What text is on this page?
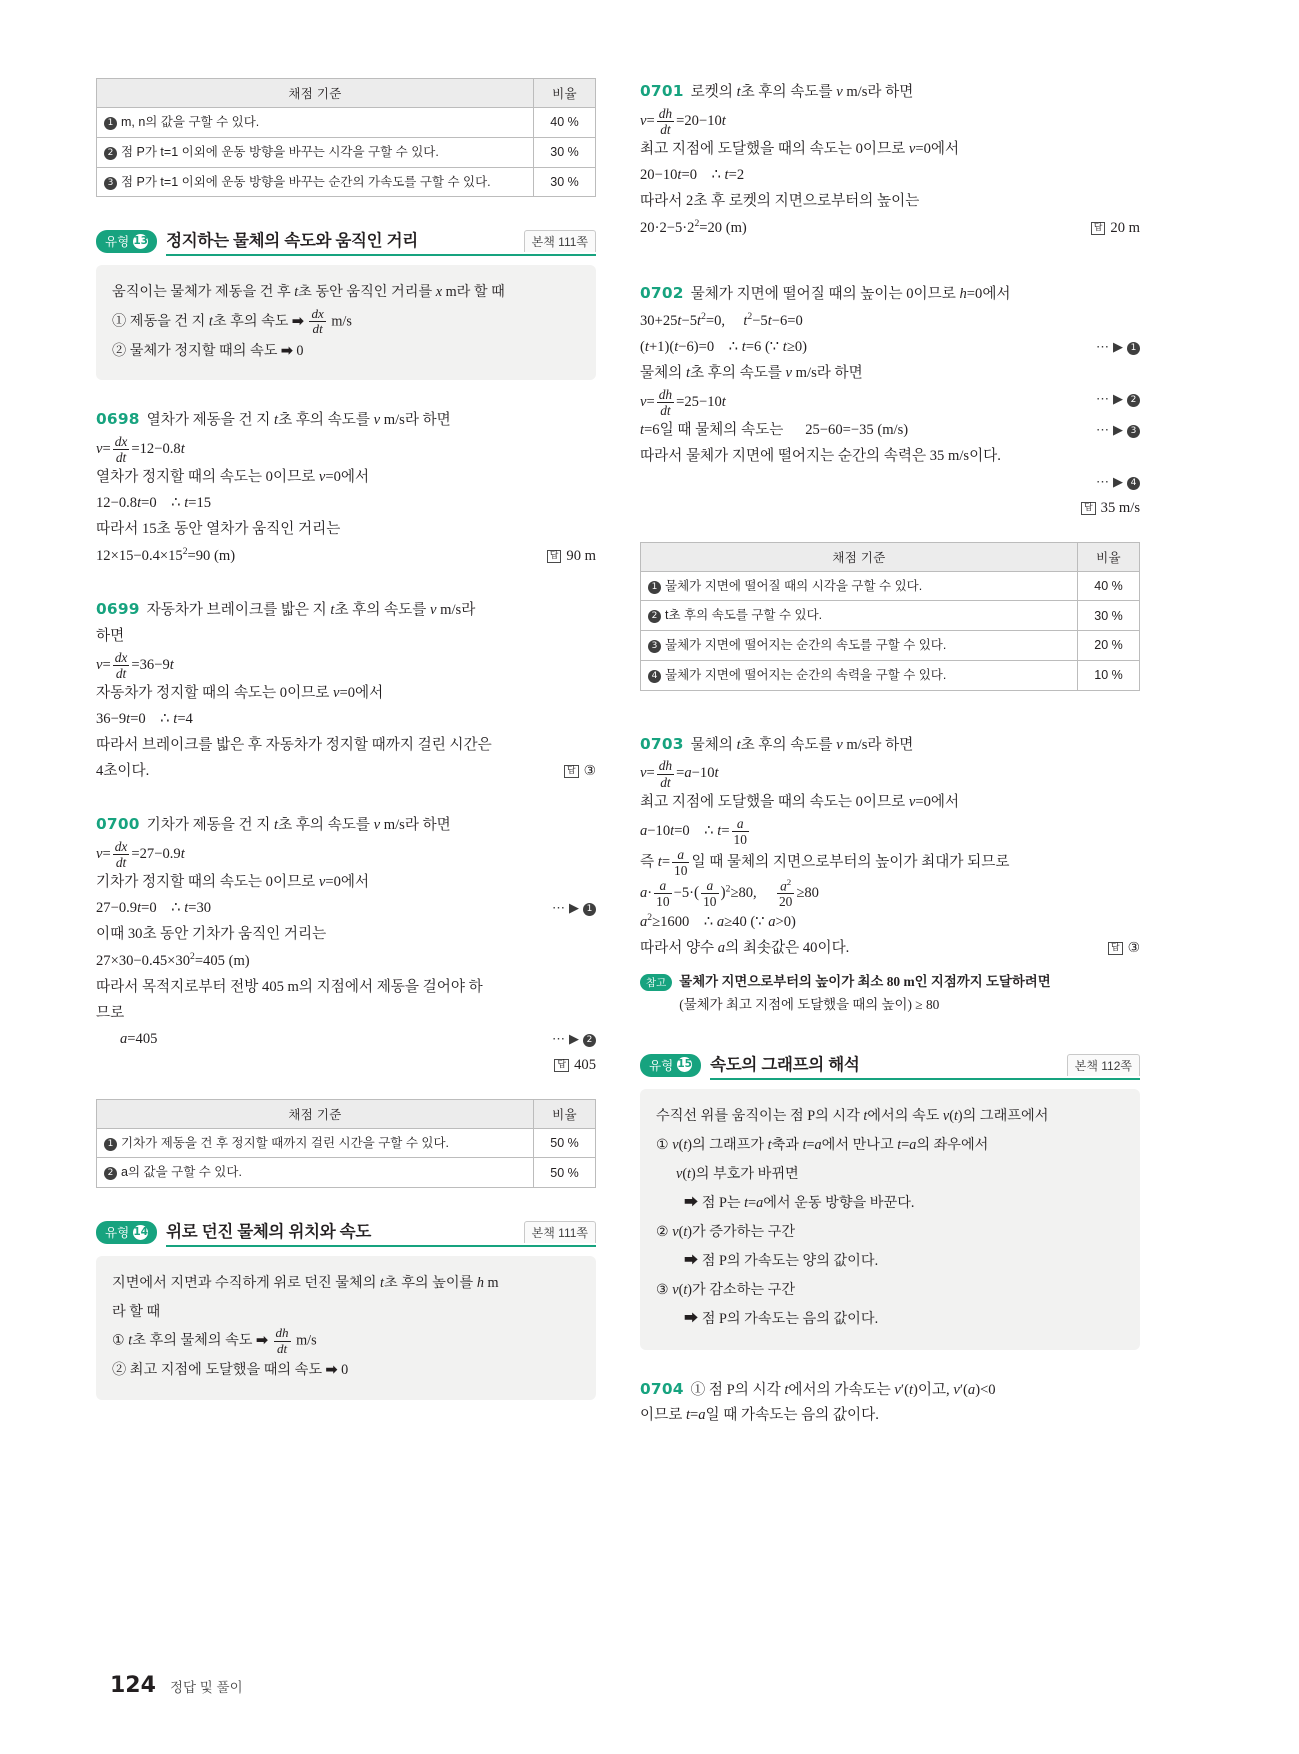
채점 기준	비율
1 m, n의 값을 구할 수 있다.	40 %
2 점 P가 t=1 이외에 운동 방향을 바꾸는 시각을 구할 수 있다.	30 %
3 점 P가 t=1 이외에 운동 방향을 바꾸는 순간의 가속도를 구할 수 있다.	30 %
유형 13 정지하는 물체의 속도와 움직인 거리	본책 111쪽
움직이는 물체가 제동을 건 후 t초 동안 움직인 거리를 x m라 할 때
① 제동을 건 지 t초 후의 속도 ➡ $\frac{dx}{dt} m/s$
② 물체가 정지할 때의 속도 ➡ 0

0698 열차가 제동을 건 지 t초 후의 속도를 v m/s라 하면

$v= \frac{dx}{dt} =12-0.8t$

열차가 정지할 때의 속도는 0이므로 v=0에서

12−0.8t=0    ∴ t=15

따라서 15초 동안 열차가 움직인 거리는

$12\times 15-0.4\times 15^2=90$ (m)	답 90 m

0699 자동차가 브레이크를 밟은 지 t초 후의 속도를 v m/s라

하면

$v= \frac{dx}{dt} =36-9t$

자동차가 정지할 때의 속도는 0이므로 v=0에서

36−9t=0    ∴ t=4

따라서 브레이크를 밟은 후 자동차가 정지할 때까지 걸린 시간은

4초이다.	답 ③

0700 기차가 제동을 건 지 t초 후의 속도를 v m/s라 하면

$v= \frac{dx}{dt} =27-0.9t$

기차가 정지할 때의 속도는 0이므로 v=0에서

⋯ ▶ 1
27−0.9t=0    ∴ t=30

이때 30초 동안 기차가 움직인 거리는

$27\times 30-0.45\times 30^2=405$ (m)

따라서 목적지로부터 전방 405 m의 지점에서 제동을 걸어야 하

므로

⋯ ▶ 2
a=405

답 405

채점 기준	비율
1 기차가 제동을 건 후 정지할 때까지 걸린 시간을 구할 수 있다.	50 %
2 a의 값을 구할 수 있다.	50 %
유형 14 위로 던진 물체의 위치와 속도	본책 111쪽
지면에서 지면과 수직하게 위로 던진 물체의 t초 후의 높이를 h m
라 할 때
① t초 후의 물체의 속도 ➡ $\frac{dh}{dt} m/s$
② 최고 지점에 도달했을 때의 속도 ➡ 0

0701 로켓의 t초 후의 속도를 v m/s라 하면

$v= \frac{dh}{dt} =20-10t$

최고 지점에 도달했을 때의 속도는 0이므로 v=0에서

20−10t=0    ∴ t=2

따라서 2초 후 로켓의 지면으로부터의 높이는

$20\cdot 2-5\cdot 2^2=20$ (m)	답 20 m

0702 물체가 지면에 떨어질 때의 높이는 0이므로 h=0에서

$30+25t-5t^2=0$,     $t^2-5t-6=0$

⋯ ▶ 1
(t+1)(t−6)=0    ∴ t=6 (∵ t≥0)

물체의 t초 후의 속도를 v m/s라 하면

⋯ ▶ 2
$v= \frac{dh}{dt} =25-10t$

⋯ ▶ 3
t=6일 때 물체의 속도는      25−60=−35 (m/s)

따라서 물체가 지면에 떨어지는 순간의 속력은 35 m/s이다.

⋯ ▶ 4

답 35 m/s

채점 기준	비율
1 물체가 지면에 떨어질 때의 시각을 구할 수 있다.	40 %
2 t초 후의 속도를 구할 수 있다.	30 %
3 물체가 지면에 떨어지는 순간의 속도를 구할 수 있다.	20 %
4 물체가 지면에 떨어지는 순간의 속력을 구할 수 있다.	10 %

0703 물체의 t초 후의 속도를 v m/s라 하면

$v= \frac{dh}{dt} =a-10t$

최고 지점에 도달했을 때의 속도는 0이므로 v=0에서

a−10t=0    ∴ $t= \frac{a}{10}$

즉 $t= \frac{a}{10}$ 일 때 물체의 지면으로부터의 높이가 최대가 되므로

$a\cdot \frac{a}{10} -5\cdot( \frac{a}{10} )^2\ge 80$, $\frac{a^2}{20} \ge 80$

$a^2\ge 1600$    ∴ a≥40 (∵ a>0)

따라서 양수 a의 최솟값은 40이다.	답 ③

참고 물체가 지면으로부터의 높이가 최소 80 m인 지점까지 도달하려면
(물체가 최고 지점에 도달했을 때의 높이) ≥ 80
유형 15 속도의 그래프의 해석	본책 112쪽
수직선 위를 움직이는 점 P의 시각 t에서의 속도 v(t)의 그래프에서
① v(t)의 그래프가 t축과 t=a에서 만나고 t=a의 좌우에서
v(t)의 부호가 바뀌면
➡ 점 P는 t=a에서 운동 방향을 바꾼다.
② v(t)가 증가하는 구간
➡ 점 P의 가속도는 양의 값이다.
③ v(t)가 감소하는 구간
➡ 점 P의 가속도는 음의 값이다.

0704 ① 점 P의 시각 t에서의 가속도는 v′(t)이고, v′(a)<0

이므로 t=a일 때 가속도는 음의 값이다.

124 정답 및 풀이
